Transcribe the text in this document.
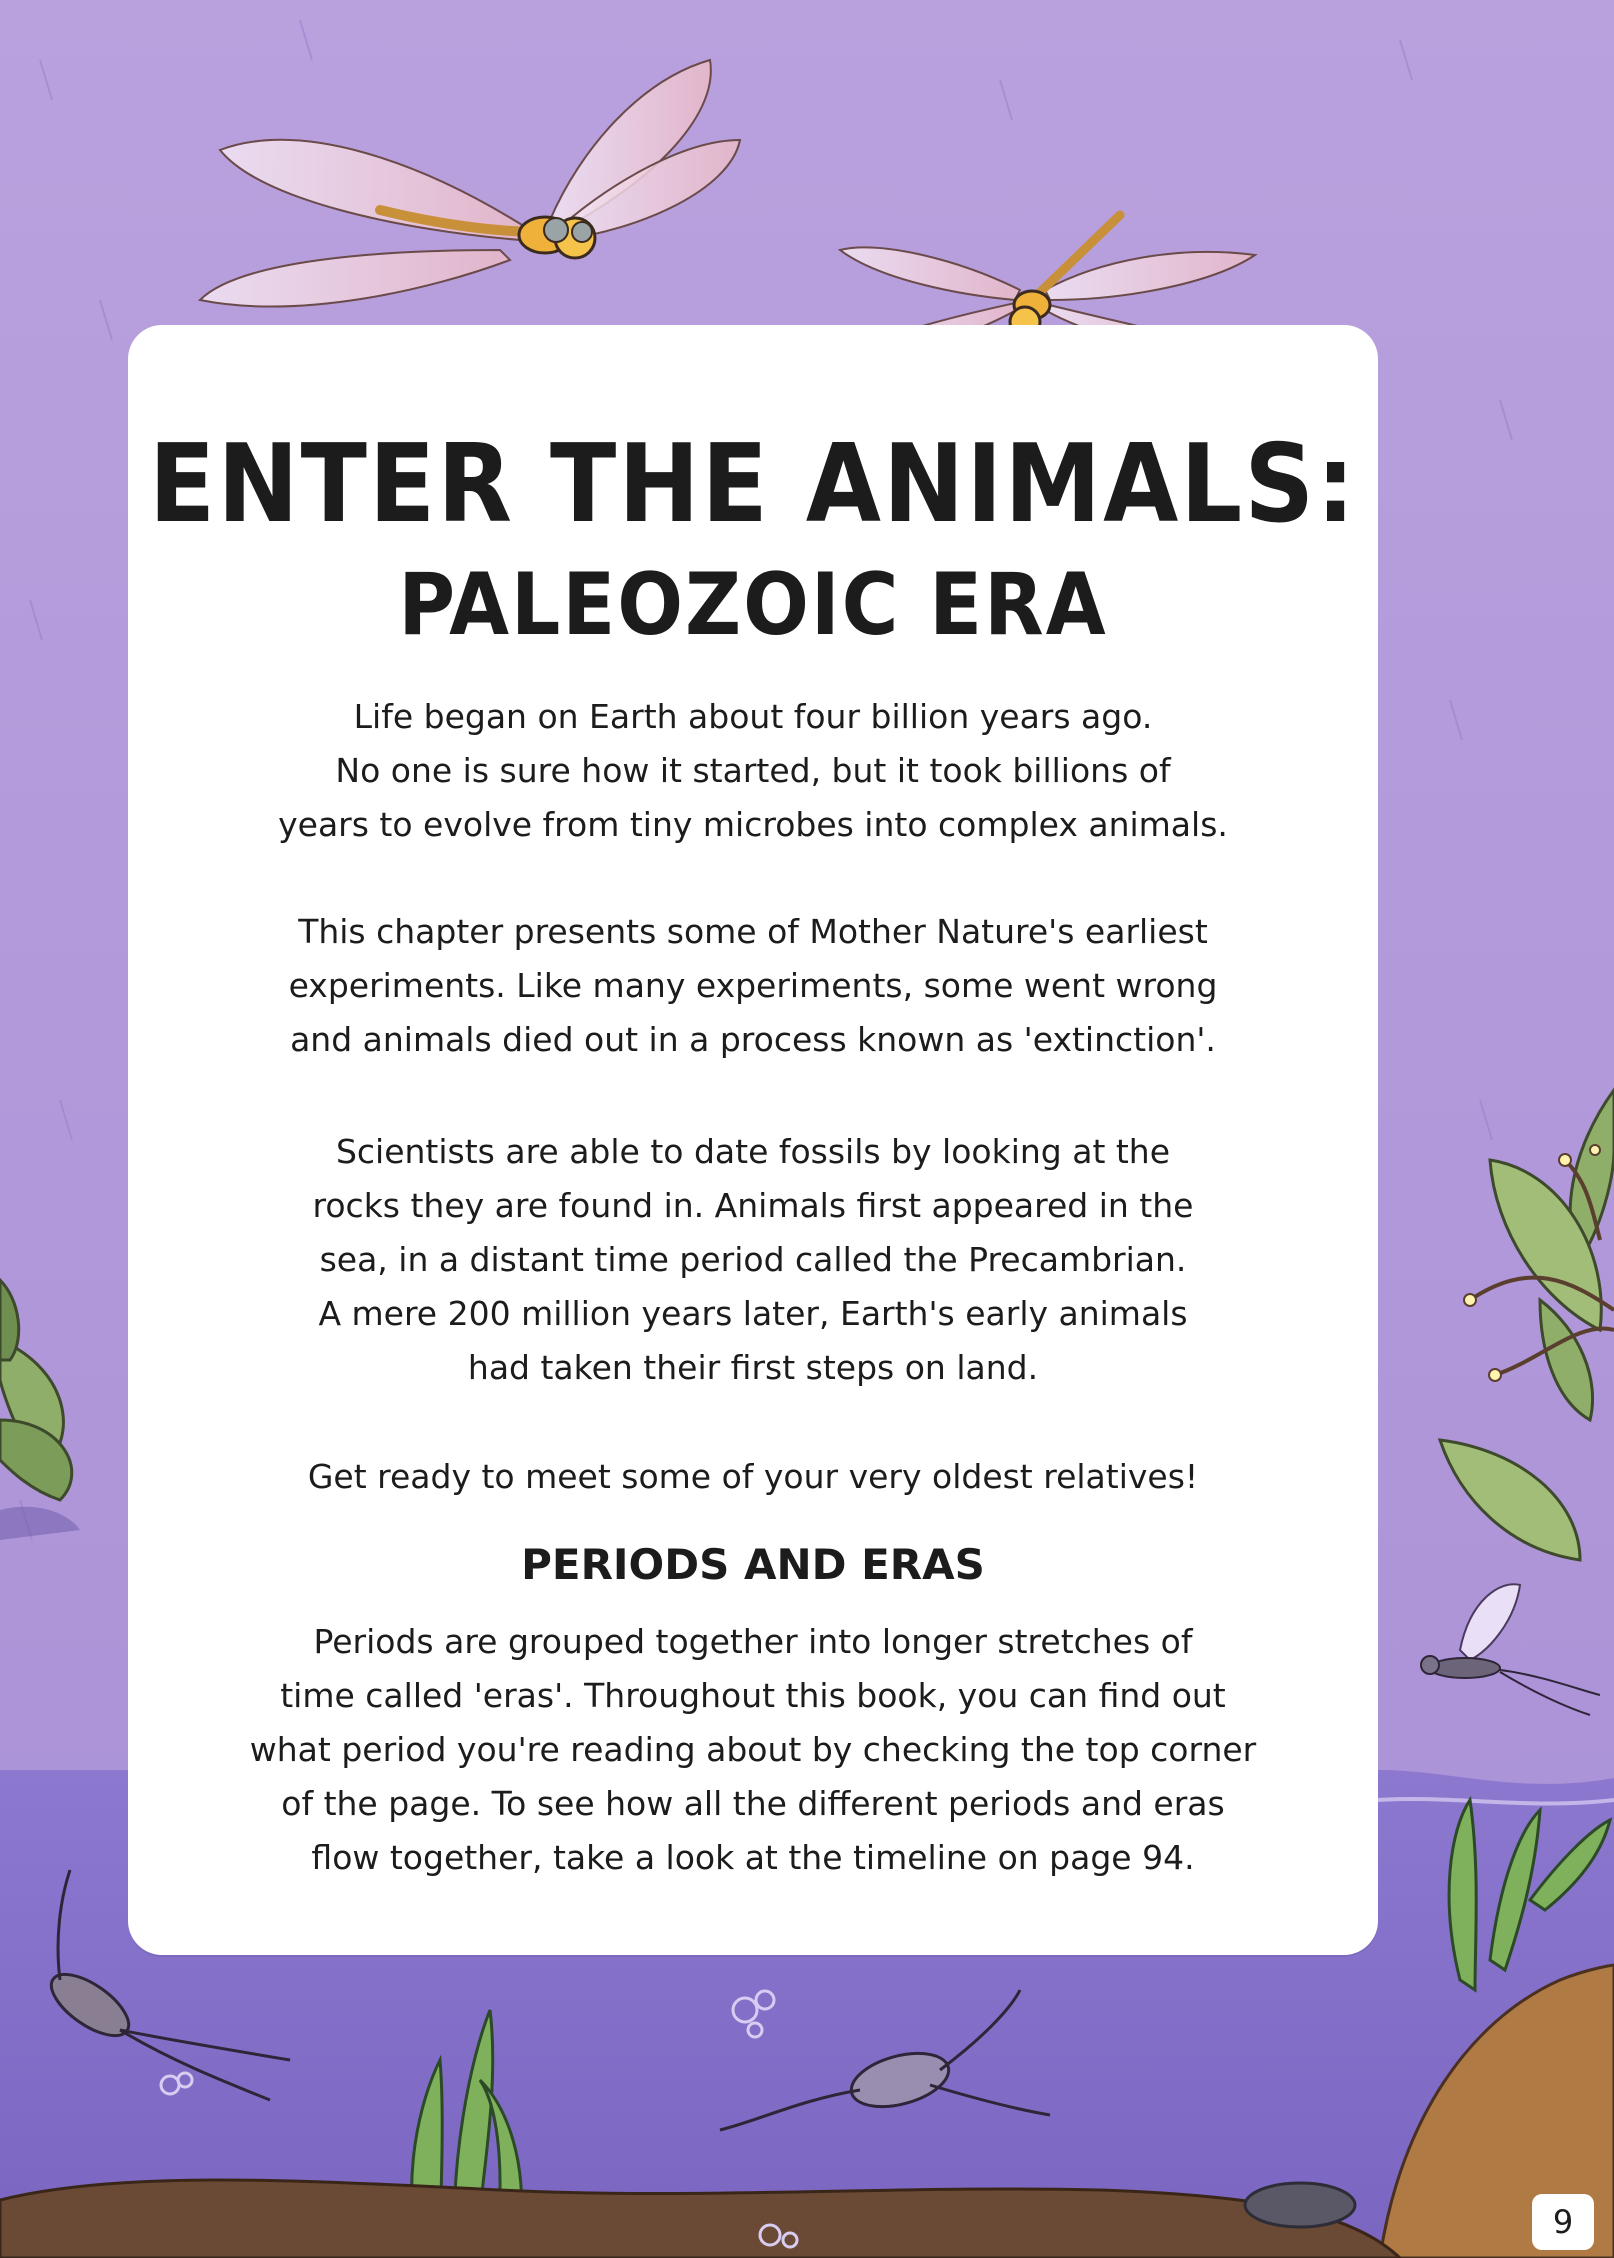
ENTER THE ANIMALS:
PALEOZOIC ERA

Life began on Earth about four billion years ago.
No one is sure how it started, but it took billions of
years to evolve from tiny microbes into complex animals.

This chapter presents some of Mother Nature's earliest
experiments. Like many experiments, some went wrong
and animals died out in a process known as 'extinction'.

Scientists are able to date fossils by looking at the
rocks they are found in. Animals first appeared in the
sea, in a distant time period called the Precambrian.
A mere 200 million years later, Earth's early animals
had taken their first steps on land.

Get ready to meet some of your very oldest relatives!

PERIODS AND ERAS

Periods are grouped together into longer stretches of
time called 'eras'. Throughout this book, you can find out
what period you're reading about by checking the top corner
of the page. To see how all the different periods and eras
flow together, take a look at the timeline on page 94.

9
